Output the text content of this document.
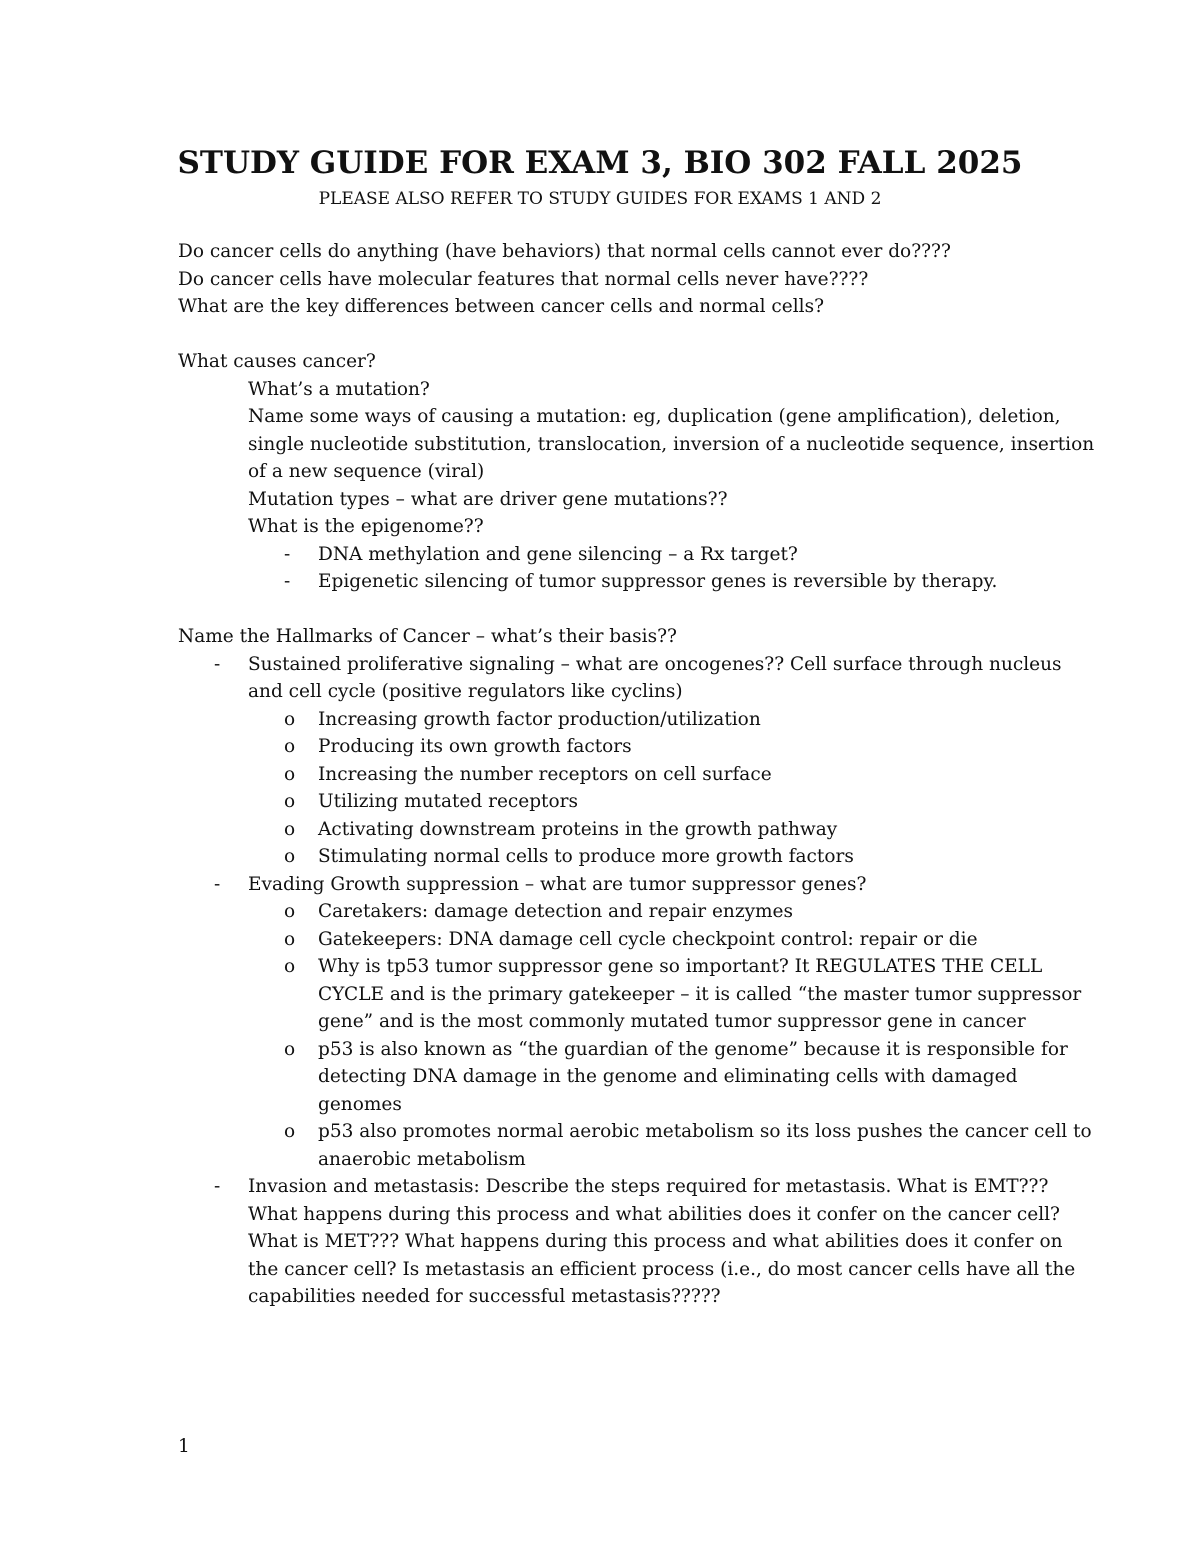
STUDY GUIDE FOR EXAM 3, BIO 302 FALL 2025

PLEASE ALSO REFER TO STUDY GUIDES FOR EXAMS 1 AND 2

Do cancer cells do anything (have behaviors) that normal cells cannot ever do????

Do cancer cells have molecular features that normal cells never have????

What are the key differences between cancer cells and normal cells?

What causes cancer?

What’s a mutation?

Name some ways of causing a mutation: eg, duplication (gene amplification), deletion, single nucleotide substitution, translocation, inversion of a nucleotide sequence, insertion of a new sequence (viral)

Mutation types – what are driver gene mutations??

What is the epigenome??

- DNA methylation and gene silencing – a Rx target?
- Epigenetic silencing of tumor suppressor genes is reversible by therapy.

Name the Hallmarks of Cancer – what’s their basis??

- Sustained proliferative signaling – what are oncogenes?? Cell surface through nucleus and cell cycle (positive regulators like cyclins)
o Increasing growth factor production/utilization
o Producing its own growth factors
o Increasing the number receptors on cell surface
o Utilizing mutated receptors
o Activating downstream proteins in the growth pathway
o Stimulating normal cells to produce more growth factors
- Evading Growth suppression – what are tumor suppressor genes?
o Caretakers: damage detection and repair enzymes
o Gatekeepers: DNA damage cell cycle checkpoint control: repair or die
o Why is tp53 tumor suppressor gene so important? It REGULATES THE CELL CYCLE and is the primary gatekeeper – it is called “the master tumor suppressor gene” and is the most commonly mutated tumor suppressor gene in cancer
o p53 is also known as “the guardian of the genome” because it is responsible for detecting DNA damage in the genome and eliminating cells with damaged genomes
o p53 also promotes normal aerobic metabolism so its loss pushes the cancer cell to anaerobic metabolism
- Invasion and metastasis: Describe the steps required for metastasis. What is EMT??? What happens during this process and what abilities does it confer on the cancer cell? What is MET??? What happens during this process and what abilities does it confer on the cancer cell? Is metastasis an efficient process (i.e., do most cancer cells have all the capabilities needed for successful metastasis?????
1
